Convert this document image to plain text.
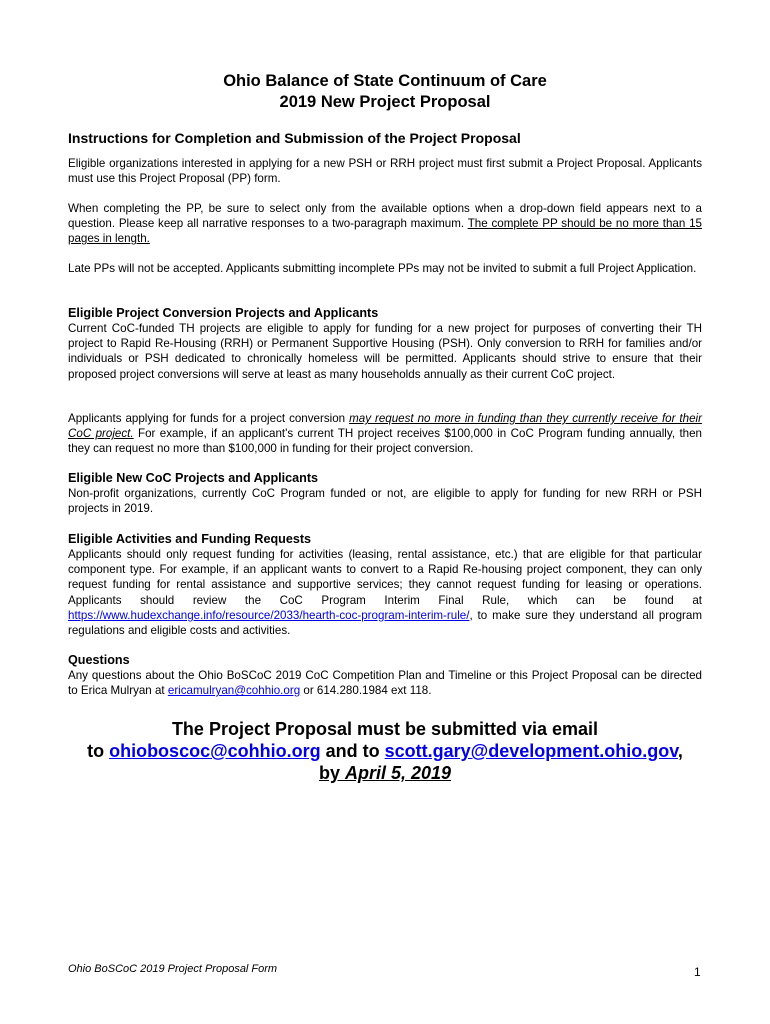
Ohio Balance of State Continuum of Care
2019 New Project Proposal
Instructions for Completion and Submission of the Project Proposal

Eligible organizations interested in applying for a new PSH or RRH project must first submit a Project Proposal. Applicants must use this Project Proposal (PP) form.

When completing the PP, be sure to select only from the available options when a drop-down field appears next to a question. Please keep all narrative responses to a two-paragraph maximum. The complete PP should be no more than 15 pages in length.

Late PPs will not be accepted. Applicants submitting incomplete PPs may not be invited to submit a full Project Application.

Eligible Project Conversion Projects and Applicants

Current CoC-funded TH projects are eligible to apply for funding for a new project for purposes of converting their TH project to Rapid Re-Housing (RRH) or Permanent Supportive Housing (PSH). Only conversion to RRH for families and/or individuals or PSH dedicated to chronically homeless will be permitted. Applicants should strive to ensure that their proposed project conversions will serve at least as many households annually as their current CoC project.

Applicants applying for funds for a project conversion may request no more in funding than they currently receive for their CoC project. For example, if an applicant's current TH project receives $100,000 in CoC Program funding annually, then they can request no more than $100,000 in funding for their project conversion.

Eligible New CoC Projects and Applicants

Non-profit organizations, currently CoC Program funded or not, are eligible to apply for funding for new RRH or PSH projects in 2019.

Eligible Activities and Funding Requests

Applicants should only request funding for activities (leasing, rental assistance, etc.) that are eligible for that particular component type. For example, if an applicant wants to convert to a Rapid Re-housing project component, they can only request funding for rental assistance and supportive services; they cannot request funding for leasing or operations. Applicants should review the CoC Program Interim Final Rule, which can be found at https://www.hudexchange.info/resource/2033/hearth-coc-program-interim-rule/, to make sure they understand all program regulations and eligible costs and activities.

Questions

Any questions about the Ohio BoSCoC 2019 CoC Competition Plan and Timeline or this Project Proposal can be directed to Erica Mulryan at ericamulryan@cohhio.org or 614.280.1984 ext 118.

The Project Proposal must be submitted via email
to ohioboscoc@cohhio.org and to scott.gary@development.ohio.gov,
by April 5, 2019
Ohio BoSCoC 2019 Project Proposal Form	1
